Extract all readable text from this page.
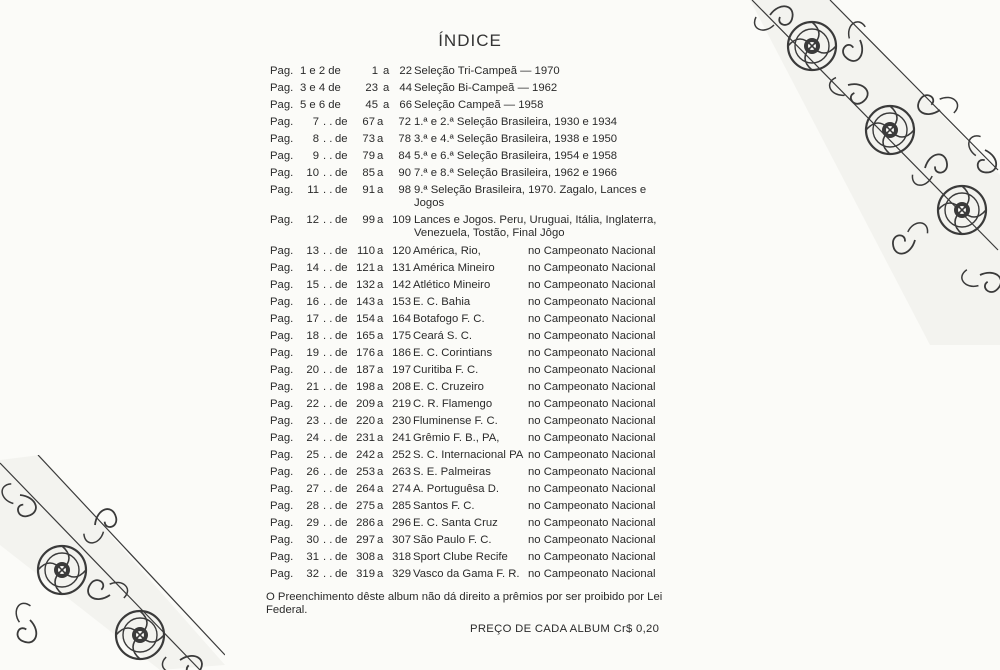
ÍNDICE
Pag. 1 e 2 de	1 a 22 Seleção Tri-Campeã — 1970
Pag. 3 e 4 de	23 a 44 Seleção Bi-Campeã — 1962
Pag. 5 e 6 de	45 a 66 Seleção Campeã — 1958
Pag.	7 . . de	67 a	72 1.ª e 2.ª Seleção Brasileira, 1930 e 1934
Pag.	8 . . de	73 a	78 3.ª e 4.ª Seleção Brasileira, 1938 e 1950
Pag.	9 . . de	79 a	84 5.ª e 6.ª Seleção Brasileira, 1954 e 1958
Pag.	10 . . de	85 a	90 7.ª e 8.ª Seleção Brasileira, 1962 e 1966
Pag.	11 . . de	91 a	98 9.ª Seleção Brasileira, 1970. Zagalo, Lances e Jogos
Pag.	12 . . de	99 a 109 Lances e Jogos. Peru, Uruguai, Itália, Inglaterra, Venezuela, Tostão, Final Jôgo
Pag.	13 . . de 110 a 120 América, Rio,	no Campeonato Nacional
Pag.	14 . . de 121 a 131 América Mineiro	no Campeonato Nacional
Pag.	15 . . de 132 a 142 Atlético Mineiro	no Campeonato Nacional
Pag.	16 . . de 143 a 153 E. C. Bahia	no Campeonato Nacional
Pag.	17 . . de 154 a 164 Botafogo F. C.	no Campeonato Nacional
Pag.	18 . . de 165 a 175 Ceará S. C.	no Campeonato Nacional
Pag.	19 . . de 176 a 186 E. C. Corintians	no Campeonato Nacional
Pag.	20 . . de 187 a 197 Curitiba F. C.	no Campeonato Nacional
Pag.	21 . . de 198 a 208 E. C. Cruzeiro	no Campeonato Nacional
Pag.	22 . . de 209 a 219 C. R. Flamengo	no Campeonato Nacional
Pag.	23 . . de 220 a 230 Fluminense F. C.	no Campeonato Nacional
Pag.	24 . . de 231 a 241 Grêmio F. B., PA,	no Campeonato Nacional
Pag.	25 . . de 242 a 252 S. C. Internacional PA no Campeonato Nacional
Pag.	26 . . de 253 a 263 S. E. Palmeiras	no Campeonato Nacional
Pag.	27 . . de 264 a 274 A. Portuguêsa D.	no Campeonato Nacional
Pag.	28 . . de 275 a 285 Santos F. C.	no Campeonato Nacional
Pag.	29 . . de 286 a 296 E. C. Santa Cruz	no Campeonato Nacional
Pag.	30 . . de 297 a 307 São Paulo F. C.	no Campeonato Nacional
Pag.	31 . . de 308 a 318 Sport Clube Recife no Campeonato Nacional
Pag.	32 . . de 319 a 329 Vasco da Gama F. R. no Campeonato Nacional
O Preenchimento dêste album não dá direito a prêmios por ser proibido por Lei Federal.
PREÇO DE CADA ALBUM Cr$ 0,20
